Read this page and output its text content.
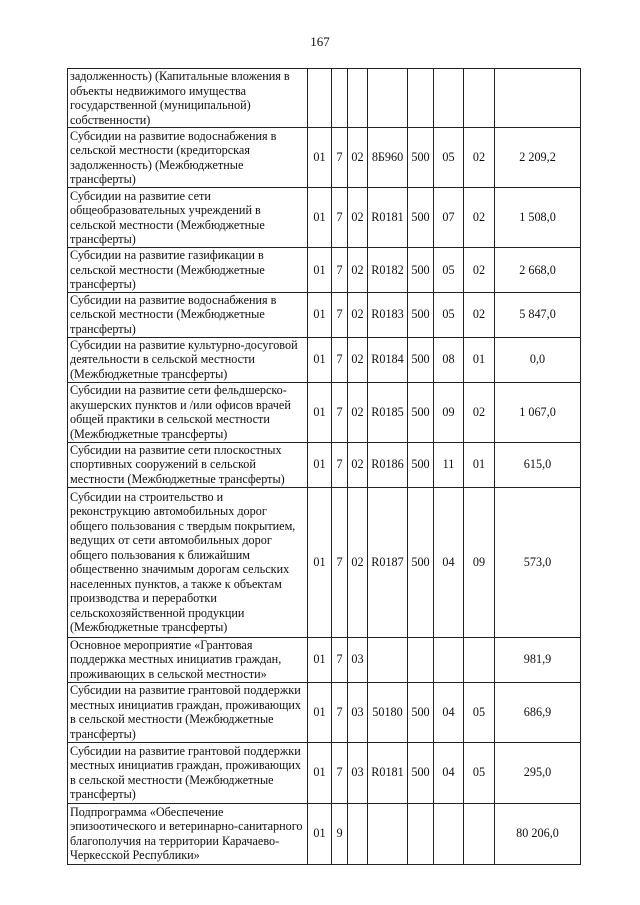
167
задолженность) (Капитальные вложения в объекты недвижимого имущества государственной (муниципальной) собственности)								
Субсидии на развитие водоснабжения в сельской местности (кредиторская задолженность) (Межбюджетные трансферты)	01	7	02	8Б960	500	05	02	2 209,2
Субсидии на развитие сети общеобразовательных учреждений в сельской местности (Межбюджетные трансферты)	01	7	02	R0181	500	07	02	1 508,0
Субсидии на развитие газификации в сельской местности (Межбюджетные трансферты)	01	7	02	R0182	500	05	02	2 668,0
Субсидии на развитие водоснабжения в сельской местности (Межбюджетные трансферты)	01	7	02	R0183	500	05	02	5 847,0
Субсидии на развитие культурно-досуговой деятельности в сельской местности (Межбюджетные трансферты)	01	7	02	R0184	500	08	01	0,0
Субсидии на развитие сети фельдшерско-акушерских пунктов и /или офисов врачей общей практики в сельской местности (Межбюджетные трансферты)	01	7	02	R0185	500	09	02	1 067,0
Субсидии на развитие сети плоскостных спортивных сооружений в сельской местности (Межбюджетные трансферты)	01	7	02	R0186	500	11	01	615,0
Субсидии на строительство и реконструкцию автомобильных дорог общего пользования с твердым покрытием, ведущих от сети автомобильных дорог общего пользования к ближайшим общественно значимым дорогам сельских населенных пунктов, а также к объектам производства и переработки сельскохозяйственной продукции (Межбюджетные трансферты)	01	7	02	R0187	500	04	09	573,0
Основное мероприятие «Грантовая поддержка местных инициатив граждан, проживающих в сельской местности»	01	7	03					981,9
Субсидии на развитие грантовой поддержки местных инициатив граждан, проживающих в сельской местности (Межбюджетные трансферты)	01	7	03	50180	500	04	05	686,9
Субсидии на развитие грантовой поддержки местных инициатив граждан, проживающих в сельской местности (Межбюджетные трансферты)	01	7	03	R0181	500	04	05	295,0
Подпрограмма «Обеспечение эпизоотического и ветеринарно-санитарного благополучия на территории Карачаево-Черкесской Республики»	01	9						80 206,0
